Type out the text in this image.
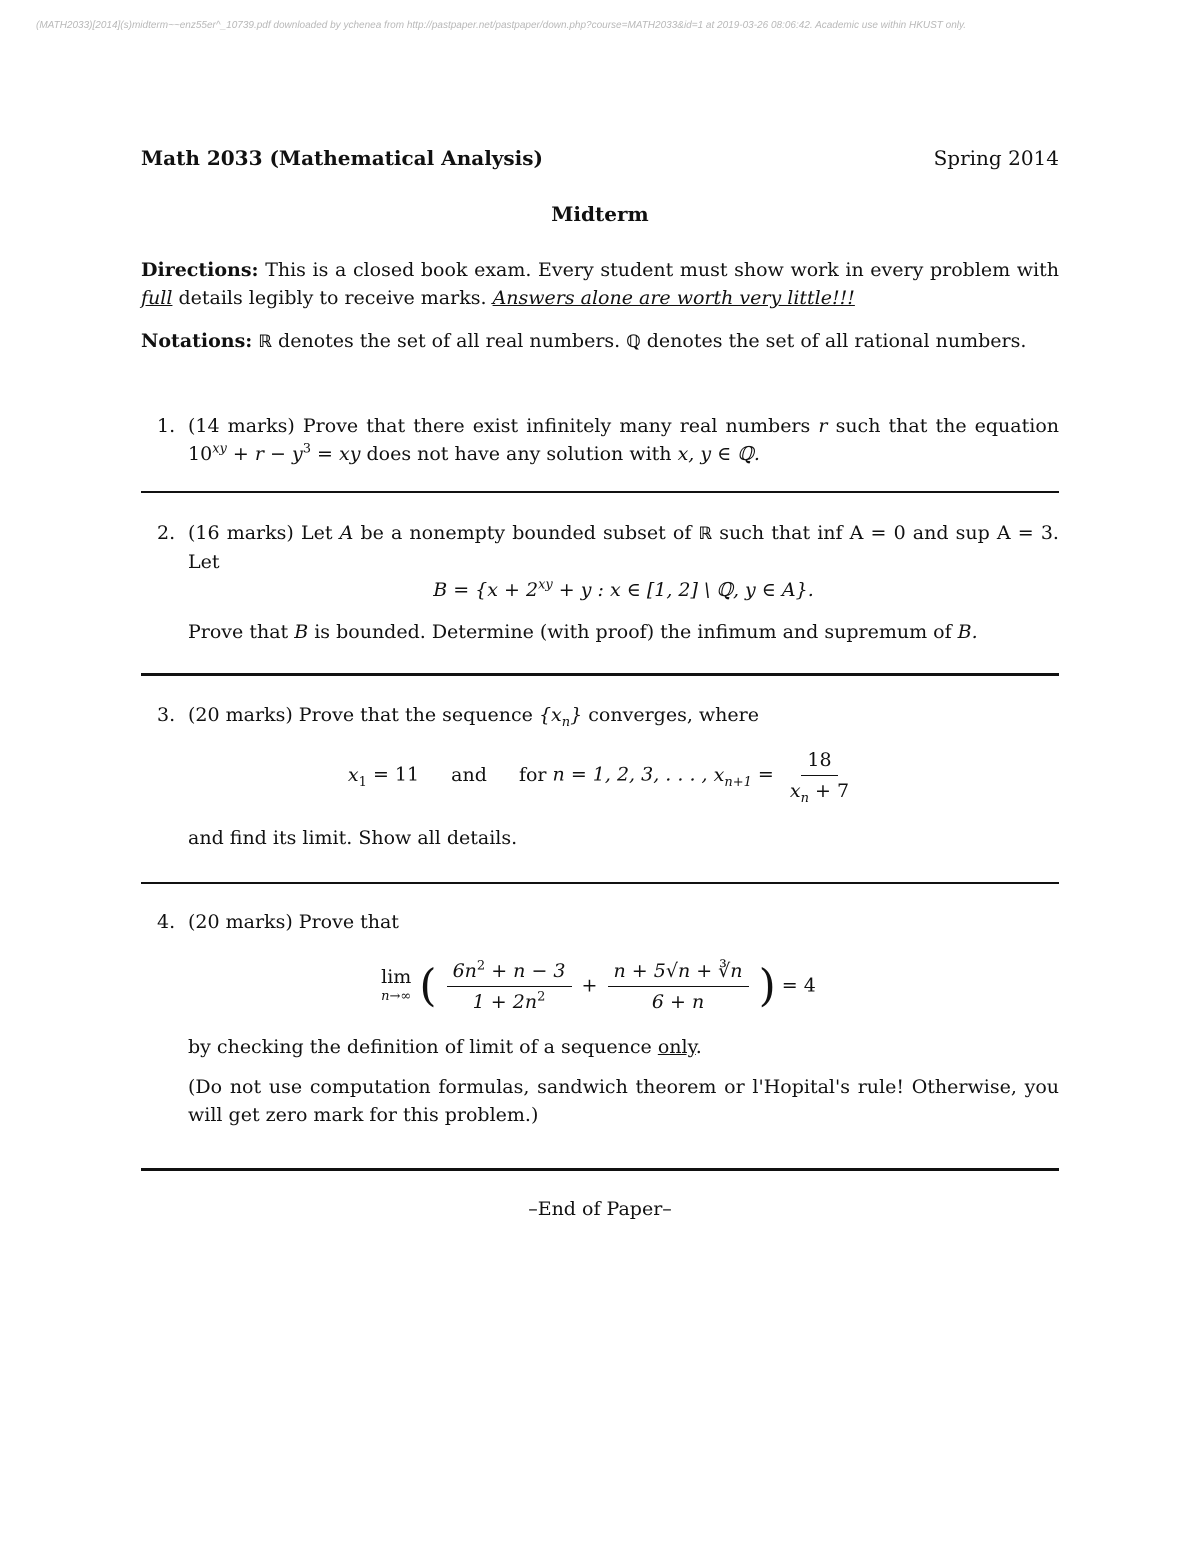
(MATH2033)[2014](s)midterm~~enz55er^_10739.pdf downloaded by ychenea from http://pastpaper.net/pastpaper/down.php?course=MATH2033&id=1 at 2019-03-26 08:06:42. Academic use within HKUST only.
Math 2033 (Mathematical Analysis)	Spring 2014
Midterm
Directions: This is a closed book exam. Every student must show work in every problem with full details legibly to receive marks. Answers alone are worth very little!!!
Notations: ℝ denotes the set of all real numbers. ℚ denotes the set of all rational numbers.
1. (14 marks) Prove that there exist infinitely many real numbers r such that the equation $10^{xy} + r - y^3$ = xy does not have any solution with x, y ∈ ℚ.
2. (16 marks) Let A be a nonempty bounded subset of ℝ such that inf A = 0 and sup A = 3. Let
$B = \{x + 2^{xy} + y$ : x ∈ [1, 2] \ ℚ, y ∈ A}.
Prove that B is bounded. Determine (with proof) the infimum and supremum of B.
3. (20 marks) Prove that the sequence $\{x_n\}$ converges, where
$x_1 = 11$ and for n = 1, 2, 3, . . . , $x_{n+1} = \frac{18}{x_n + 7}$
and find its limit. Show all details.
4. (20 marks) Prove that
lim
n→∞ ( $\frac{6n^2 + n - 3}{1 + 2n^2} + \frac{n + 5√n + ∛n}{6 + n}$ ) = 4
by checking the definition of limit of a sequence only.
(Do not use computation formulas, sandwich theorem or l'Hopital's rule! Otherwise, you will get zero mark for this problem.)
–End of Paper–
